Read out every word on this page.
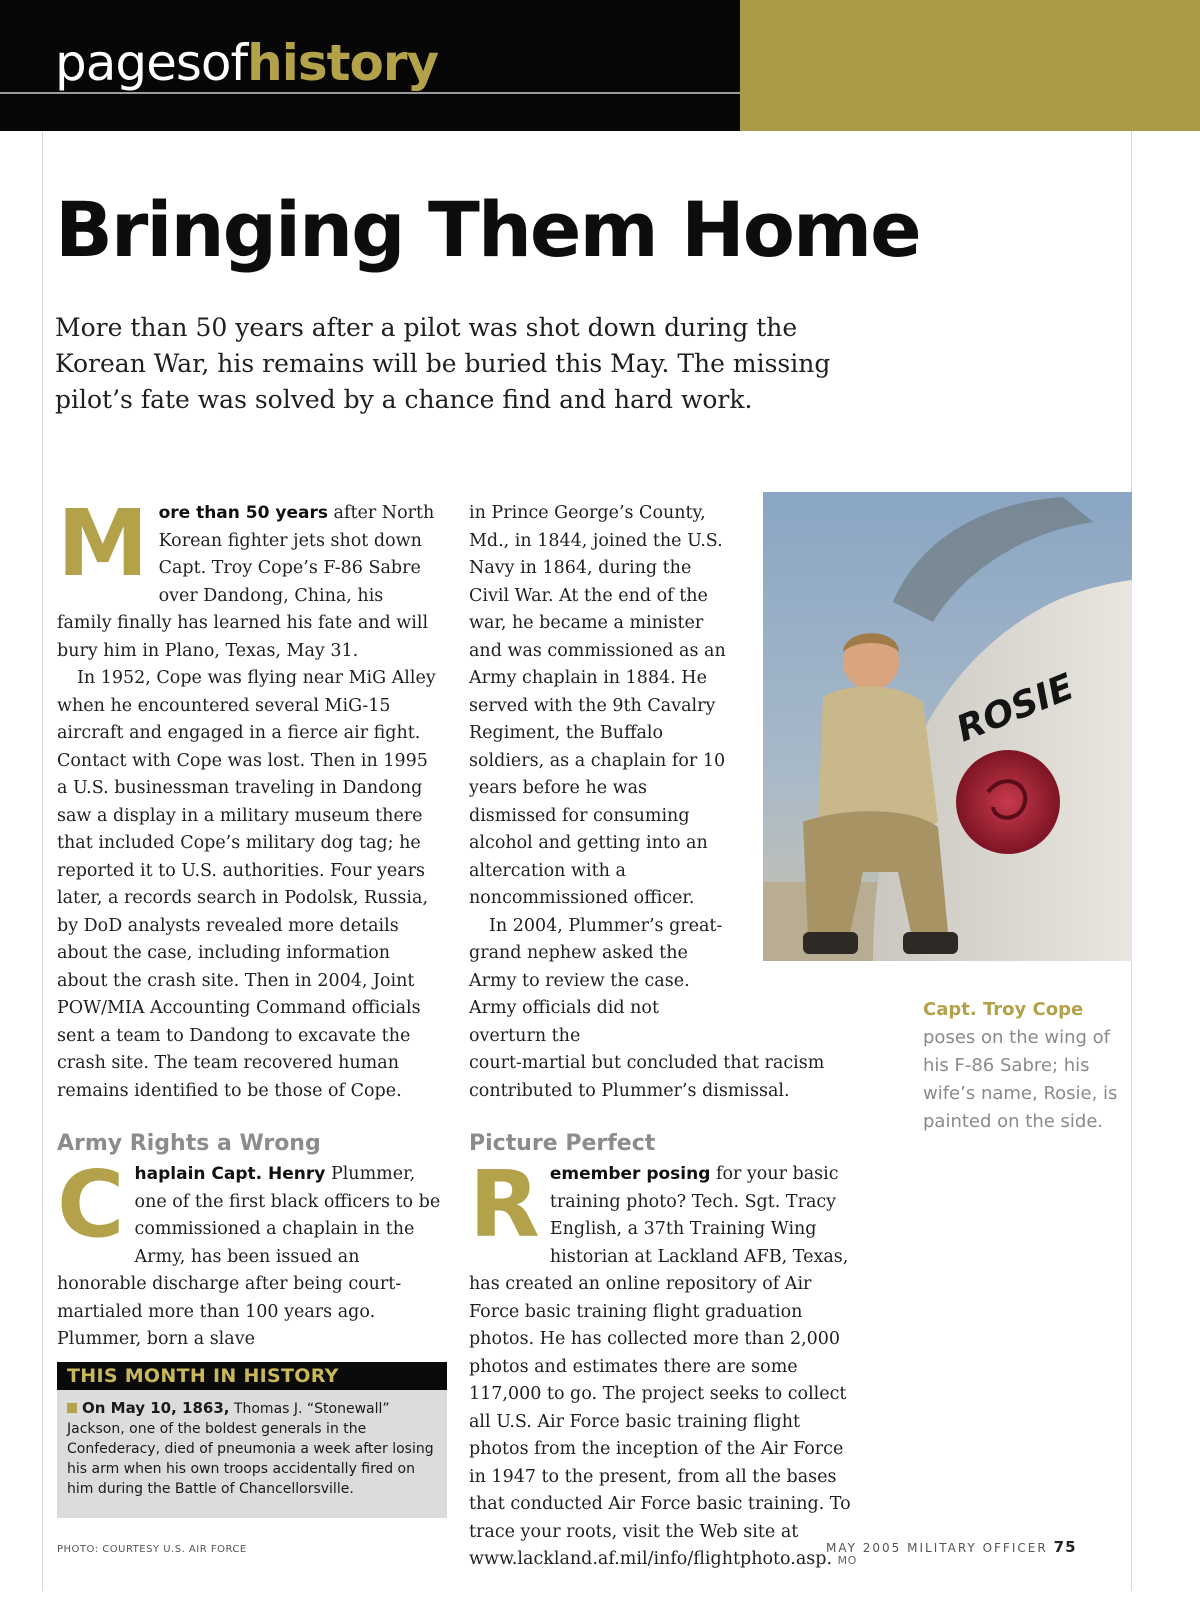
pagesofhistory
Bringing Them Home

More than 50 years after a pilot was shot down during the Korean War, his remains will be buried this May. The missing pilot’s fate was solved by a chance find and hard work.

More than 50 years after North Korean fighter jets shot down Capt. Troy Cope’s F-86 Sabre over Dandong, China, his family finally has learned his fate and will bury him in Plano, Texas, May 31.

In 1952, Cope was flying near MiG Alley when he encountered several MiG-15 aircraft and engaged in a fierce air fight. Contact with Cope was lost. Then in 1995 a U.S. businessman traveling in Dandong saw a display in a military museum there that included Cope’s military dog tag; he reported it to U.S. authorities. Four years later, a records search in Podolsk, Russia, by DoD analysts revealed more details about the case, including information about the crash site. Then in 2004, Joint POW/MIA Accounting Command officials sent a team to Dandong to excavate the crash site. The team recovered human remains identified to be those of Cope.

Army Rights a Wrong

Chaplain Capt. Henry Plummer, one of the first black officers to be commissioned a chaplain in the Army, has been issued an honorable discharge after being court-martialed more than 100 years ago. Plummer, born a slave

in Prince George’s County, Md., in 1844, joined the U.S. Navy in 1864, during the Civil War. At the end of the war, he became a minister and was commissioned as an Army chaplain in 1884. He served with the 9th Cavalry Regiment, the Buffalo soldiers, as a chaplain for 10 years before he was dismissed for consuming alcohol and getting into an altercation with a noncommissioned officer.

In 2004, Plummer’s great-grand nephew asked the Army to review the case. Army officials did not overturn the

court-martial but concluded that racism contributed to Plummer’s dismissal.

Picture Perfect

Remember posing for your basic training photo? Tech. Sgt. Tracy English, a 37th Training Wing historian at Lackland AFB, Texas, has created an online repository of Air Force basic training flight graduation photos. He has collected more than 2,000 photos and estimates there are some 117,000 to go. The project seeks to collect all U.S. Air Force basic training flight photos from the inception of the Air Force in 1947 to the present, from all the bases that conducted Air Force basic training. To trace your roots, visit the Web site at www.lackland.af.mil/info/flightphoto.asp. MO

ROSIE
Capt. Troy Cope poses on the wing of his F-86 Sabre; his wife’s name, Rosie, is painted on the side.
THIS MONTH IN HISTORY
On May 10, 1863, Thomas J. “Stonewall” Jackson, one of the boldest generals in the Confederacy, died of pneumonia a week after losing his arm when his own troops accidentally fired on him during the Battle of Chancellorsville.
PHOTO: COURTESY U.S. AIR FORCE	MAY 2005 MILITARY OFFICER 75
